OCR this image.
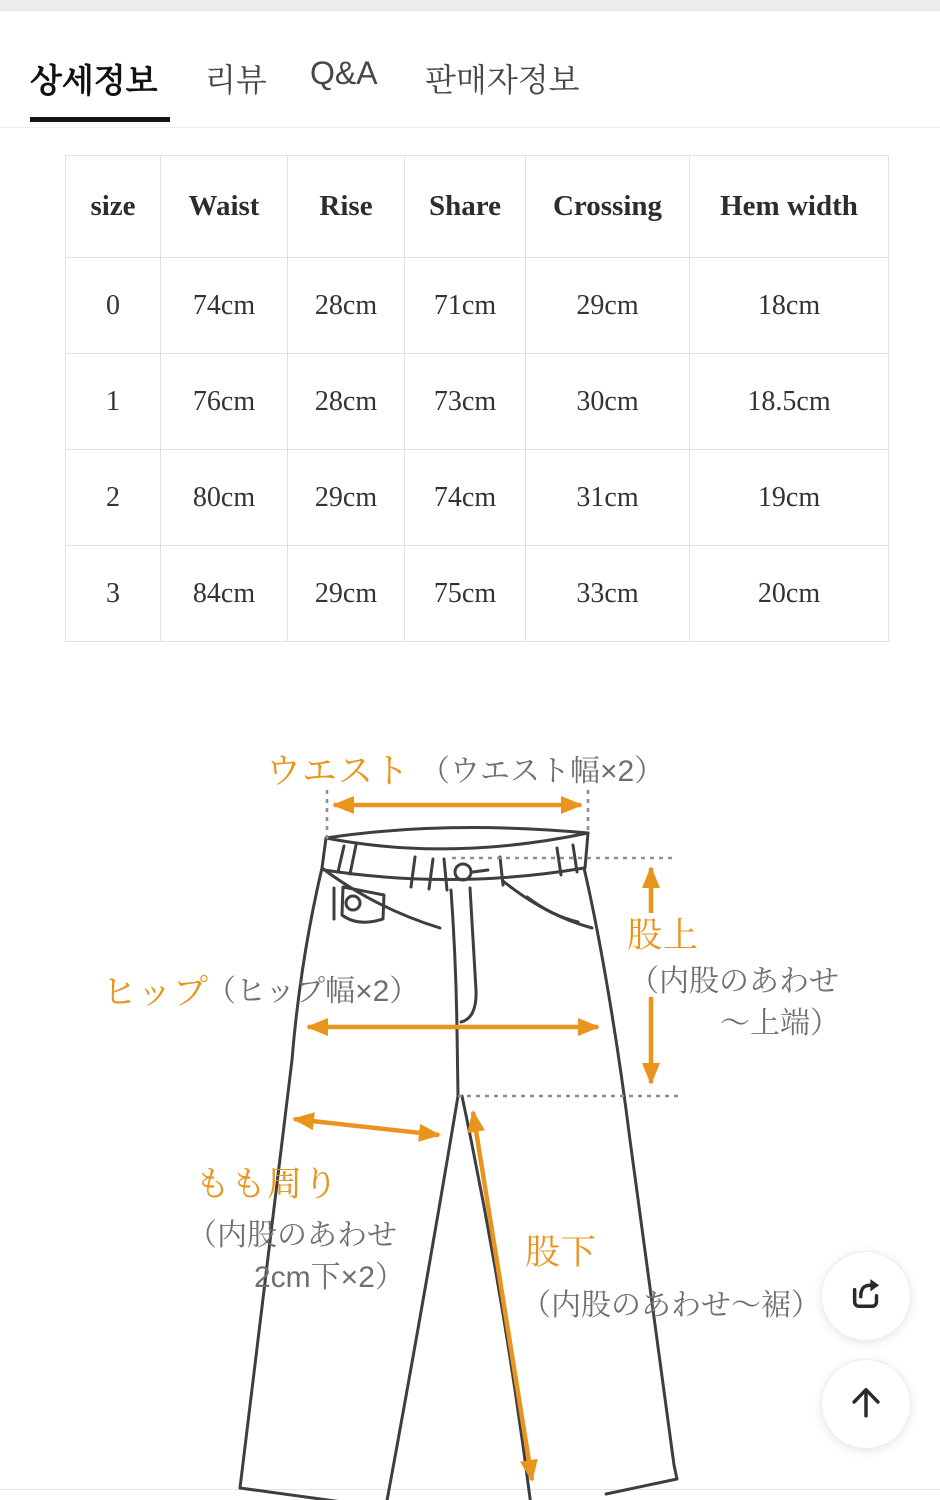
상세정보 리뷰 Q&A 판매자정보
size	Waist	Rise	Share	Crossing	Hem width
0	74cm	28cm	71cm	29cm	18cm
1	76cm	28cm	73cm	30cm	18.5cm
2	80cm	29cm	74cm	31cm	19cm
3	84cm	29cm	75cm	33cm	20cm
ウエスト （ウエスト幅×2）
ヒップ
（ヒップ幅×2）
股上
（内股のあわせ
～上端）
もも周り
（内股のあわせ
2cm下×2）
股下
（内股のあわせ～裾）
